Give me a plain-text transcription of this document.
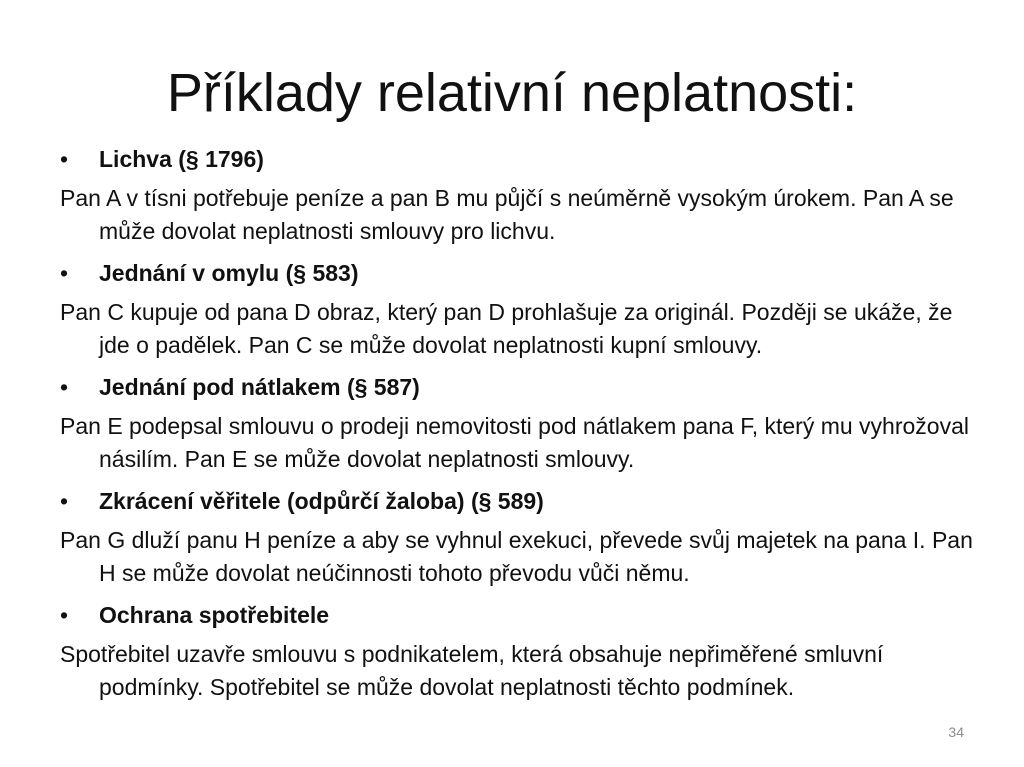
Příklady relativní neplatnosti:
• Lichva (§ 1796)
Pan A v tísni potřebuje peníze a pan B mu půjčí s neúměrně vysokým úrokem. Pan A se může dovolat neplatnosti smlouvy pro lichvu.
• Jednání v omylu (§ 583)
Pan C kupuje od pana D obraz, který pan D prohlašuje za originál. Později se ukáže, že jde o padělek. Pan C se může dovolat neplatnosti kupní smlouvy.
• Jednání pod nátlakem (§ 587)
Pan E podepsal smlouvu o prodeji nemovitosti pod nátlakem pana F, který mu vyhrožoval násilím. Pan E se může dovolat neplatnosti smlouvy.
• Zkrácení věřitele (odpůrčí žaloba) (§ 589)
Pan G dluží panu H peníze a aby se vyhnul exekuci, převede svůj majetek na pana I. Pan H se může dovolat neúčinnosti tohoto převodu vůči němu.
• Ochrana spotřebitele
Spotřebitel uzavře smlouvu s podnikatelem, která obsahuje nepřiměřené smluvní podmínky. Spotřebitel se může dovolat neplatnosti těchto podmínek.
34
